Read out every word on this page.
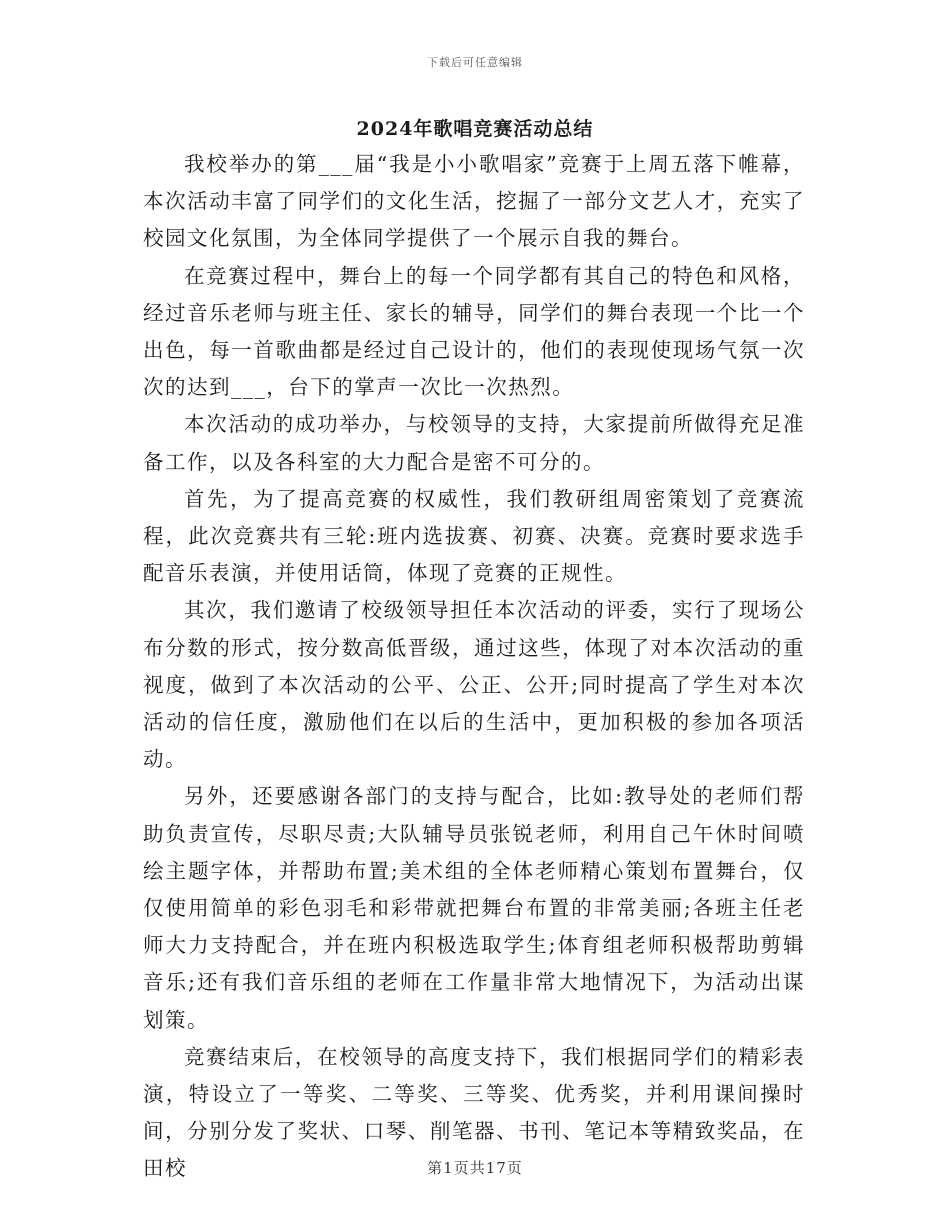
下载后可任意编辑
2024年歌唱竞赛活动总结

我校举办的第___届“我是小小歌唱家”竞赛于上周五落下帷幕，本次活动丰富了同学们的文化生活，挖掘了一部分文艺人才，充实了校园文化氛围，为全体同学提供了一个展示自我的舞台。

在竞赛过程中，舞台上的每一个同学都有其自己的特色和风格，经过音乐老师与班主任、家长的辅导，同学们的舞台表现一个比一个出色，每一首歌曲都是经过自己设计的，他们的表现使现场气氛一次次的达到___，台下的掌声一次比一次热烈。

本次活动的成功举办，与校领导的支持，大家提前所做得充足准备工作，以及各科室的大力配合是密不可分的。

首先，为了提高竞赛的权威性，我们教研组周密策划了竞赛流程，此次竞赛共有三轮:班内选拔赛、初赛、决赛。竞赛时要求选手配音乐表演，并使用话筒，体现了竞赛的正规性。

其次，我们邀请了校级领导担任本次活动的评委，实行了现场公布分数的形式，按分数高低晋级，通过这些，体现了对本次活动的重视度，做到了本次活动的公平、公正、公开;同时提高了学生对本次活动的信任度，激励他们在以后的生活中，更加积极的参加各项活动。

另外，还要感谢各部门的支持与配合，比如:教导处的老师们帮助负责宣传，尽职尽责;大队辅导员张锐老师，利用自己午休时间喷绘主题字体，并帮助布置;美术组的全体老师精心策划布置舞台，仅仅使用简单的彩色羽毛和彩带就把舞台布置的非常美丽;各班主任老师大力支持配合，并在班内积极选取学生;体育组老师积极帮助剪辑音乐;还有我们音乐组的老师在工作量非常大地情况下，为活动出谋划策。

竞赛结束后，在校领导的高度支持下，我们根据同学们的精彩表演，特设立了一等奖、二等奖、三等奖、优秀奖，并利用课间操时间，分别分发了奖状、口琴、削笔器、书刊、笔记本等精致奖品，在田校	第1页共17页
